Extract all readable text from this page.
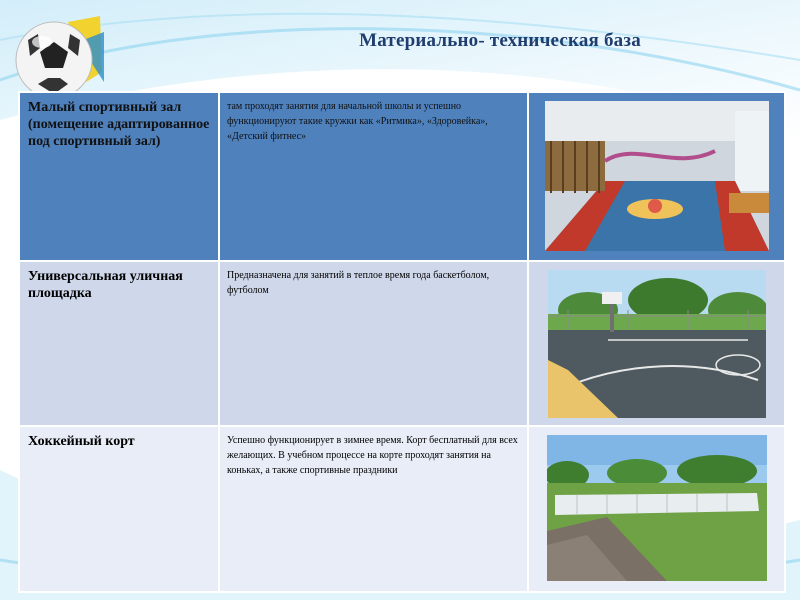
Материально- техническая база
Малый спортивный зал (помещение адаптированное под спортивный зал)	там проходят занятия для начальной школы и успешно функционируют такие кружки как «Ритмика», «Здоровейка», «Детский фитнес»

Универсальная уличная площадка	Предназначена для занятий в теплое время года баскетболом, футболом

Хоккейный корт	Успешно функционирует в зимнее время. Корт бесплатный для всех желающих. В учебном процессе на корте проходят занятия на коньках, а также спортивные праздники
